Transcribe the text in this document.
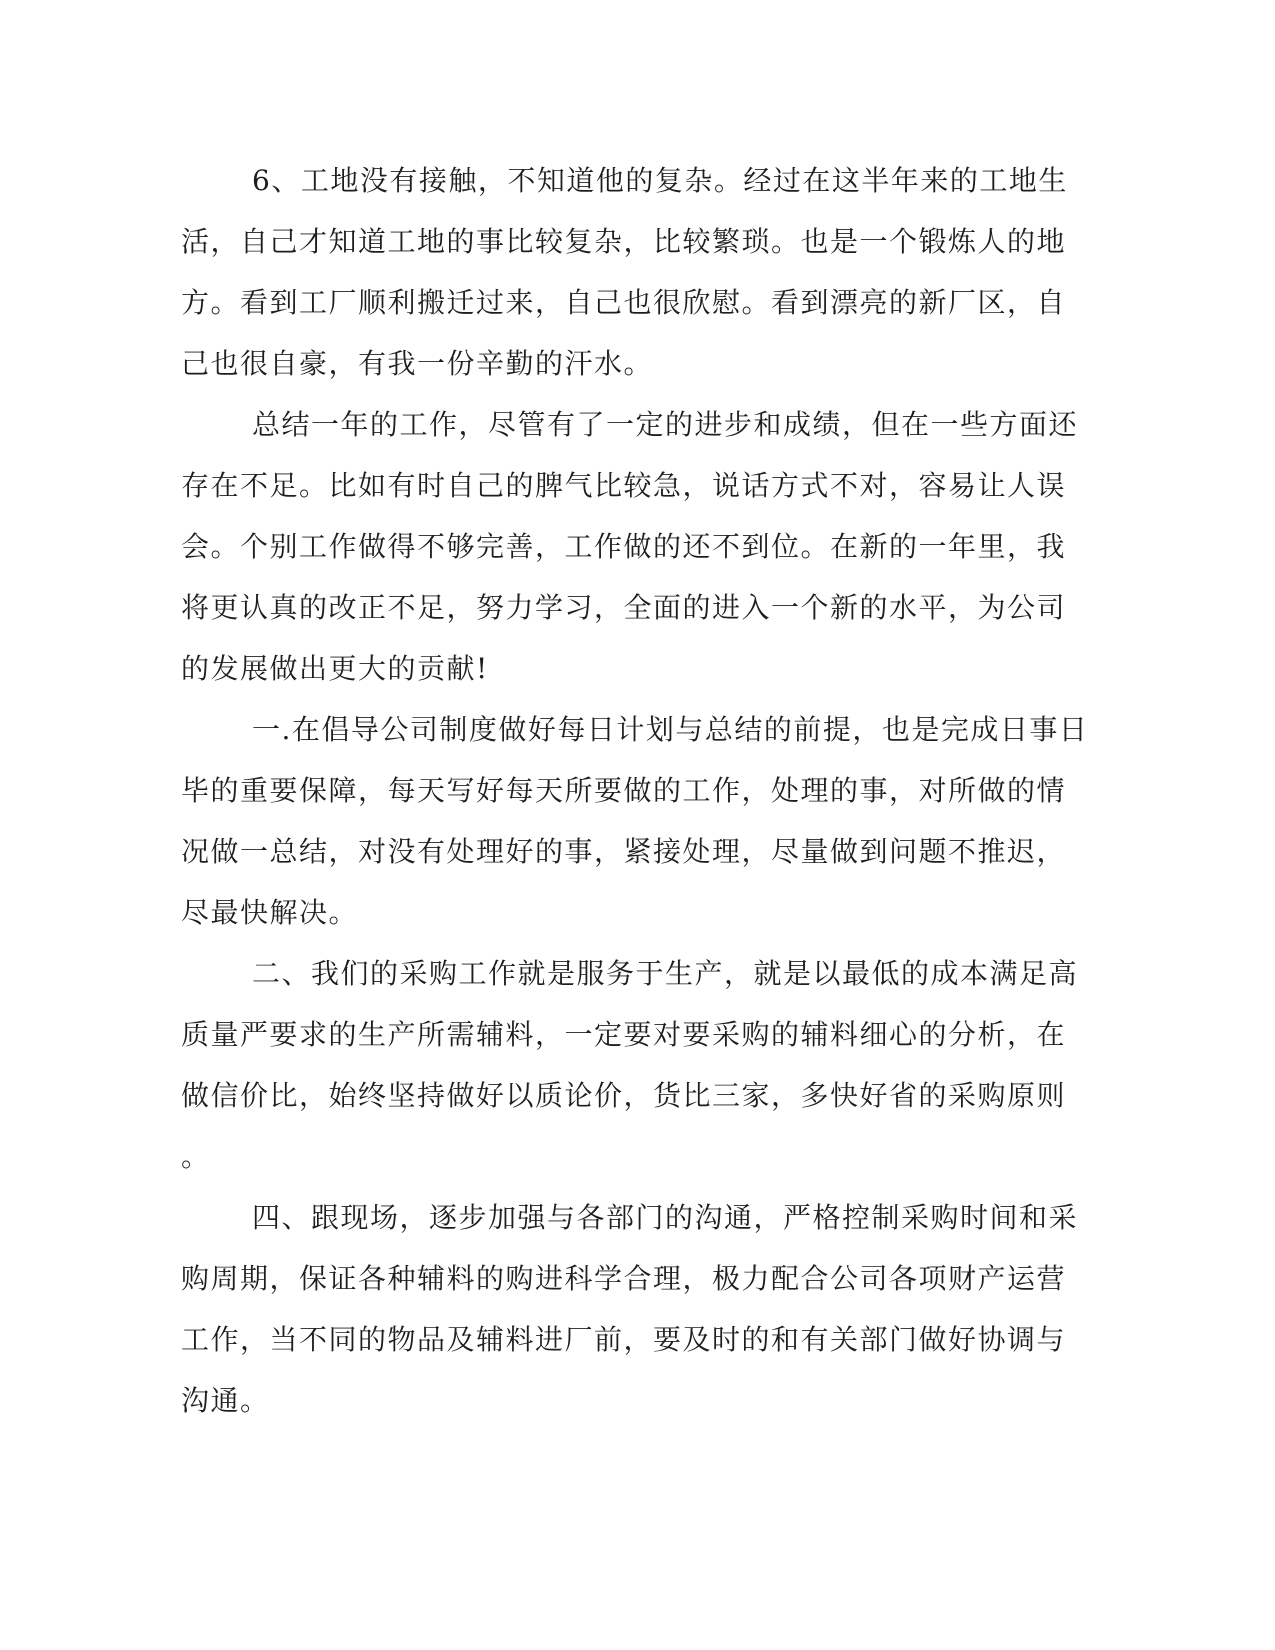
6、工地没有接触，不知道他的复杂。经过在这半年来的工地生
活，自己才知道工地的事比较复杂，比较繁琐。也是一个锻炼人的地
方。看到工厂顺利搬迁过来，自己也很欣慰。看到漂亮的新厂区，自
己也很自豪，有我一份辛勤的汗水。
总结一年的工作，尽管有了一定的进步和成绩，但在一些方面还
存在不足。比如有时自己的脾气比较急，说话方式不对，容易让人误
会。个别工作做得不够完善，工作做的还不到位。在新的一年里，我
将更认真的改正不足，努力学习，全面的进入一个新的水平，为公司
的发展做出更大的贡献!
一.在倡导公司制度做好每日计划与总结的前提，也是完成日事日
毕的重要保障，每天写好每天所要做的工作，处理的事，对所做的情
况做一总结，对没有处理好的事，紧接处理，尽量做到问题不推迟，
尽最快解决。
二、我们的采购工作就是服务于生产，就是以最低的成本满足高
质量严要求的生产所需辅料，一定要对要采购的辅料细心的分析，在
做信价比，始终坚持做好以质论价，货比三家，多快好省的采购原则
。
四、跟现场，逐步加强与各部门的沟通，严格控制采购时间和采
购周期，保证各种辅料的购进科学合理，极力配合公司各项财产运营
工作，当不同的物品及辅料进厂前，要及时的和有关部门做好协调与
沟通。
